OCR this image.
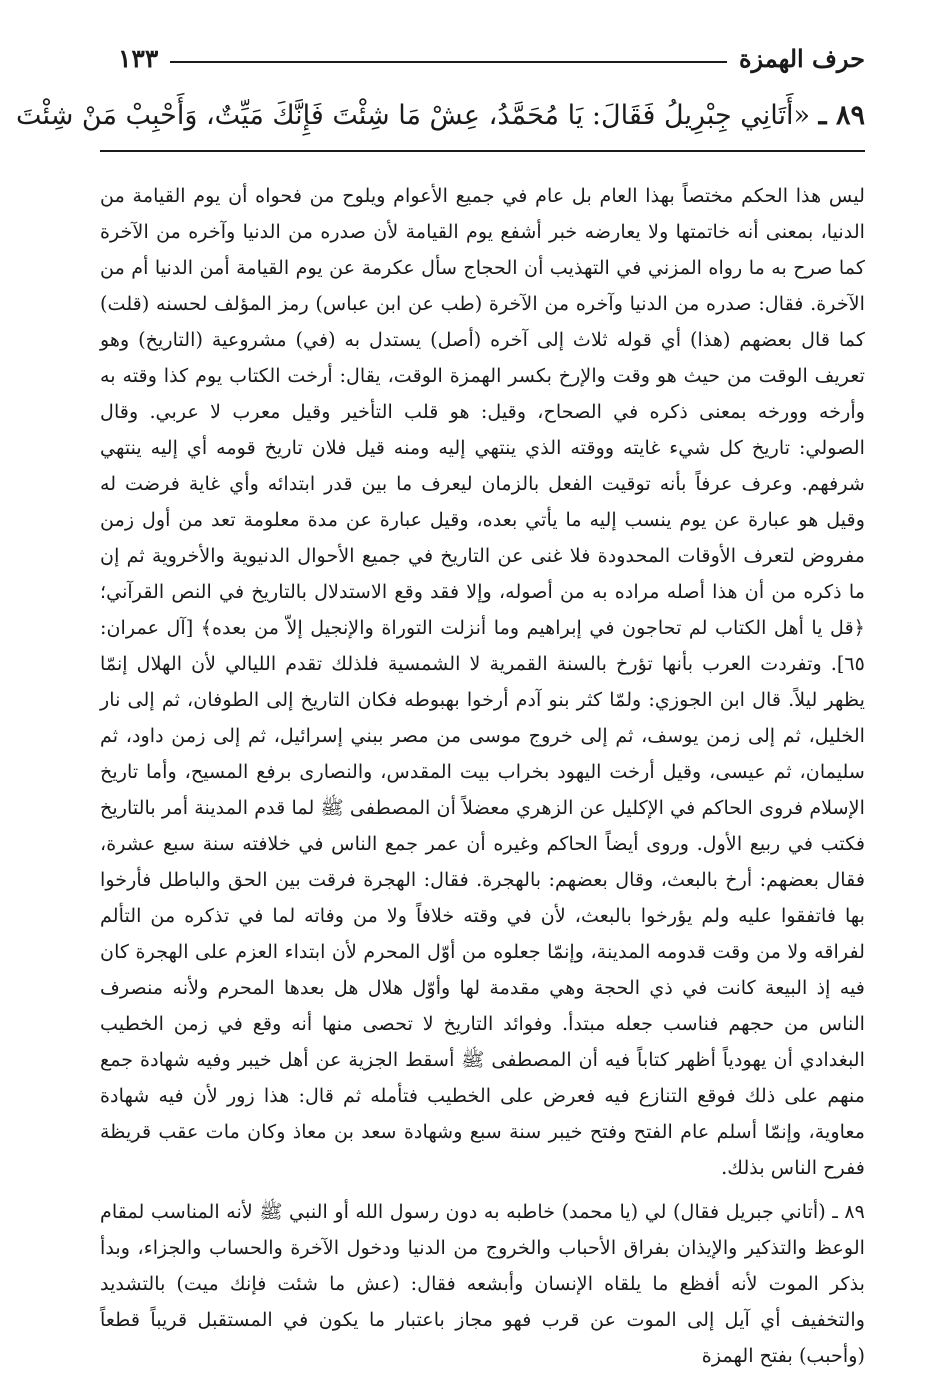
حرف الهمزة
١٣٣
٨٩ ـ «أَتَانِي جِبْرِيلُ فَقَالَ: يَا مُحَمَّدُ، عِشْ مَا شِئْتَ فَإِنَّكَ مَيِّتٌ، وَأَحْبِبْ مَنْ شِئْتَ

ليس هذا الحكم مختصاً بهذا العام بل عام في جميع الأعوام ويلوح من فحواه أن يوم القيامة من الدنيا، بمعنى أنه خاتمتها ولا يعارضه خبر أشفع يوم القيامة لأن صدره من الدنيا وآخره من الآخرة كما صرح به ما رواه المزني في التهذيب أن الحجاج سأل عكرمة عن يوم القيامة أمن الدنيا أم من الآخرة. فقال: صدره من الدنيا وآخره من الآخرة (طب عن ابن عباس) رمز المؤلف لحسنه (قلت) كما قال بعضهم (هذا) أي قوله ثلاث إلى آخره (أصل) يستدل به (في) مشروعية (التاريخ) وهو تعريف الوقت من حيث هو وقت والإرخ بكسر الهمزة الوقت، يقال: أرخت الكتاب يوم كذا وقته به وأرخه وورخه بمعنى ذكره في الصحاح، وقيل: هو قلب التأخير وقيل معرب لا عربي. وقال الصولي: تاريخ كل شيء غايته ووقته الذي ينتهي إليه ومنه قيل فلان تاريخ قومه أي إليه ينتهي شرفهم. وعرف عرفاً بأنه توقيت الفعل بالزمان ليعرف ما بين قدر ابتدائه وأي غاية فرضت له وقيل هو عبارة عن يوم ينسب إليه ما يأتي بعده، وقيل عبارة عن مدة معلومة تعد من أول زمن مفروض لتعرف الأوقات المحدودة فلا غنى عن التاريخ في جميع الأحوال الدنيوية والأخروية ثم إن ما ذكره من أن هذا أصله مراده به من أصوله، وإلا فقد وقع الاستدلال بالتاريخ في النص القرآني؛ ﴿قل يا أهل الكتاب لم تحاجون في إبراهيم وما أنزلت التوراة والإنجيل إلاّ من بعده﴾ [آل عمران: ٦٥]. وتفردت العرب بأنها تؤرخ بالسنة القمرية لا الشمسية فلذلك تقدم الليالي لأن الهلال إنمّا يظهر ليلاً. قال ابن الجوزي: ولمّا كثر بنو آدم أرخوا بهبوطه فكان التاريخ إلى الطوفان، ثم إلى نار الخليل، ثم إلى زمن يوسف، ثم إلى خروج موسى من مصر ببني إسرائيل، ثم إلى زمن داود، ثم سليمان، ثم عيسى، وقيل أرخت اليهود بخراب بيت المقدس، والنصارى برفع المسيح، وأما تاريخ الإسلام فروى الحاكم في الإكليل عن الزهري معضلاً أن المصطفى ﷺ لما قدم المدينة أمر بالتاريخ فكتب في ربيع الأول. وروى أيضاً الحاكم وغيره أن عمر جمع الناس في خلافته سنة سبع عشرة، فقال بعضهم: أرخ بالبعث، وقال بعضهم: بالهجرة. فقال: الهجرة فرقت بين الحق والباطل فأرخوا بها فاتفقوا عليه ولم يؤرخوا بالبعث، لأن في وقته خلافاً ولا من وفاته لما في تذكره من التألم لفراقه ولا من وقت قدومه المدينة، وإنمّا جعلوه من أوّل المحرم لأن ابتداء العزم على الهجرة كان فيه إذ البيعة كانت في ذي الحجة وهي مقدمة لها وأوّل هلال هل بعدها المحرم ولأنه منصرف الناس من حجهم فناسب جعله مبتدأ. وفوائد التاريخ لا تحصى منها أنه وقع في زمن الخطيب البغدادي أن يهودياً أظهر كتاباً فيه أن المصطفى ﷺ أسقط الجزية عن أهل خيبر وفيه شهادة جمع منهم على ذلك فوقع التنازع فيه فعرض على الخطيب فتأمله ثم قال: هذا زور لأن فيه شهادة معاوية، وإنمّا أسلم عام الفتح وفتح خيبر سنة سبع وشهادة سعد بن معاذ وكان مات عقب قريظة ففرح الناس بذلك.

٨٩ ـ (أتاني جبريل فقال) لي (يا محمد) خاطبه به دون رسول الله أو النبي ﷺ لأنه المناسب لمقام الوعظ والتذكير والإيذان بفراق الأحباب والخروج من الدنيا ودخول الآخرة والحساب والجزاء، وبدأ بذكر الموت لأنه أفظع ما يلقاه الإنسان وأبشعه فقال: (عش ما شئت فإنك ميت) بالتشديد والتخفيف أي آيل إلى الموت عن قرب فهو مجاز باعتبار ما يكون في المستقبل قريباً قطعاً (وأحبب) بفتح الهمزة
